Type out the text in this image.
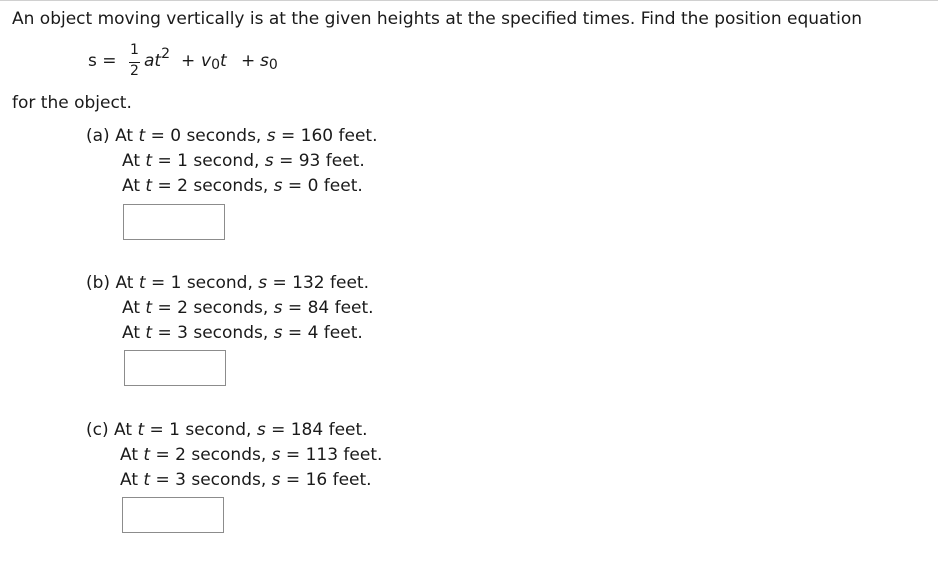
An object moving vertically is at the given heights at the specified times. Find the position equation
s =
1
2 $at^2 + v0t + s0$
for the object.
(a) At t = 0 seconds, s = 160 feet.
At t = 1 second, s = 93 feet.
At t = 2 seconds, s = 0 feet.
(b) At t = 1 second, s = 132 feet.
At t = 2 seconds, s = 84 feet.
At t = 3 seconds, s = 4 feet.
(c) At t = 1 second, s = 184 feet.
At t = 2 seconds, s = 113 feet.
At t = 3 seconds, s = 16 feet.
